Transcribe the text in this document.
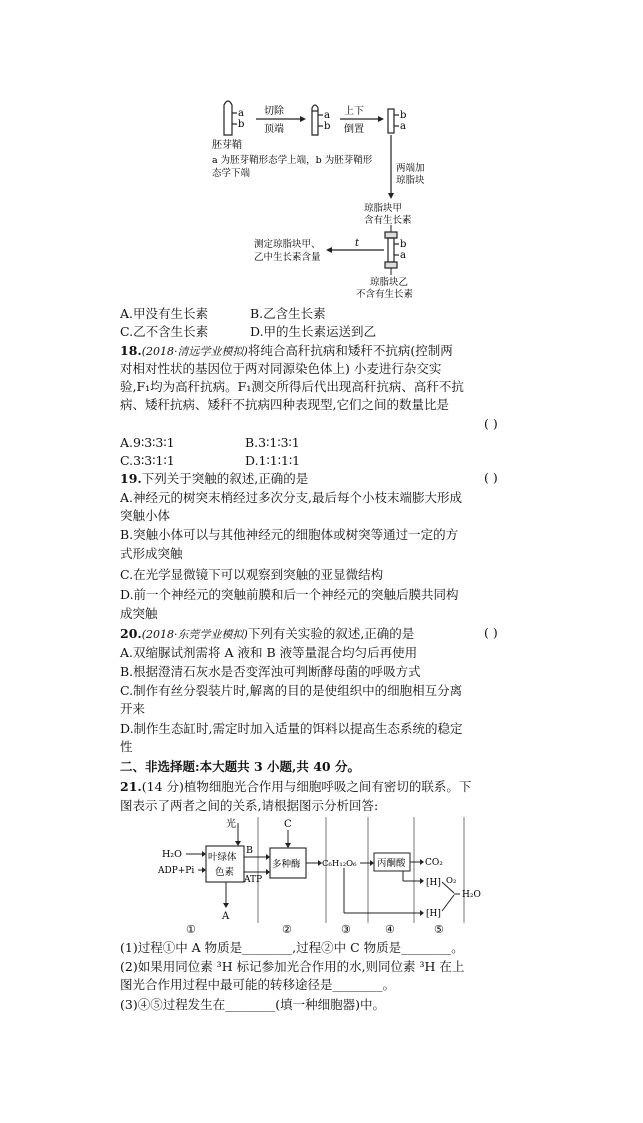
a
b
胚芽鞘
切除
顶端
a
b
上下
倒置
b
a
a 为胚芽鞘形态学上端，b 为胚芽鞘形
态学下端	两端加
琼脂块
琼脂块甲
含有生长素
b
a
t
测定琼脂块甲、
乙中生长素含量
琼脂块乙
不含有生长素
A.甲没有生长素	B.乙含生长素
C.乙不含生长素	D.甲的生长素运送到乙
18.(2018·清远学业模拟)将纯合高秆抗病和矮秆不抗病(控制两
对相对性状的基因位于两对同源染色体上) 小麦进行杂交实
验,F₁均为高秆抗病。F₁测交所得后代出现高秆抗病、高秆不抗
病、矮秆抗病、矮秆不抗病四种表现型,它们之间的数量比是
( )
A.9∶3∶3∶1	B.3∶1∶3∶1
C.3∶3∶1∶1	D.1∶1∶1∶1
19.下列关于突触的叙述,正确的是	( )
A.神经元的树突末梢经过多次分支,最后每个小枝末端膨大形成
突触小体
B.突触小体可以与其他神经元的细胞体或树突等通过一定的方
式形成突触
C.在光学显微镜下可以观察到突触的亚显微结构
D.前一个神经元的突触前膜和后一个神经元的突触后膜共同构
成突触
20.(2018·东莞学业模拟)下列有关实验的叙述,正确的是	( )
A.双缩脲试剂需将 A 液和 B 液等量混合均匀后再使用
B.根据澄清石灰水是否变浑浊可判断酵母菌的呼吸方式
C.制作有丝分裂装片时,解离的目的是使组织中的细胞相互分离
开来
D.制作生态缸时,需定时加入适量的饵料以提高生态系统的稳定
性
二、非选择题:本大题共 3 小题,共 40 分。
21.(14 分)植物细胞光合作用与细胞呼吸之间有密切的联系。下
图表示了两者之间的关系,请根据图示分析回答:
光
H₂O
ADP+Pi
叶绿体
色素
A
B
ATP
C
多种酶	C₆H₁₂O₆ 丙酮酸 CO₂
[H]
[H]
O₂
H₂O
①	②	③	④	⑤
(1)过程①中 A 物质是________,过程②中 C 物质是________。
(2)如果用同位素 ³H 标记参加光合作用的水,则同位素 ³H 在上
图光合作用过程中最可能的转移途径是________。
(3)④⑤过程发生在________(填一种细胞器)中。
